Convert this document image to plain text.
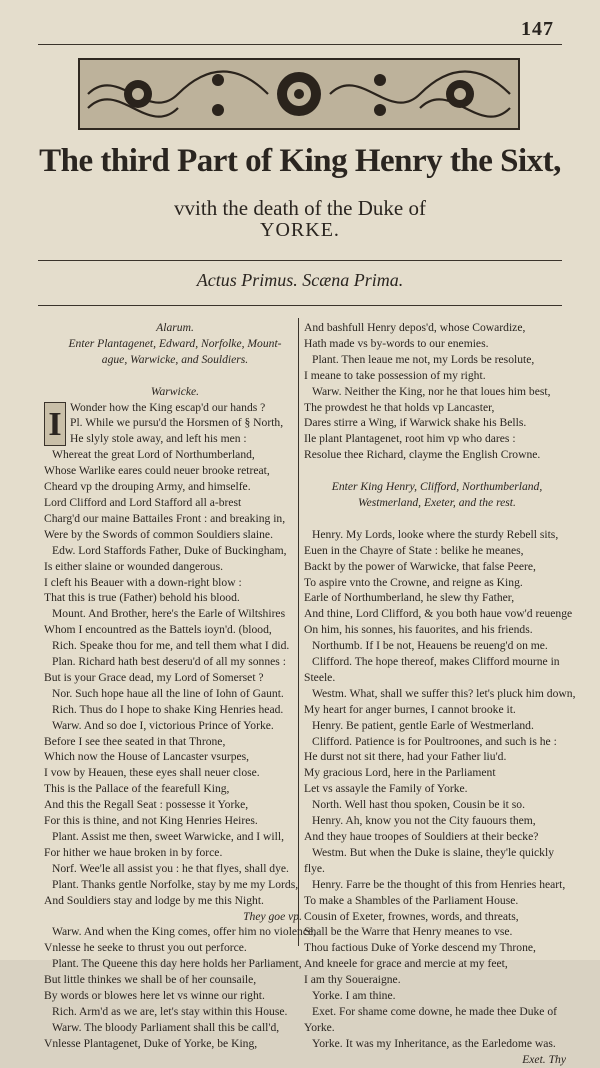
147
The third Part of King Henry the Sixt,
vvith the death of the Duke of
YORKE.
Actus Primus. Scæna Prima.
Alarum.
Enter Plantagenet, Edward, Norfolke, Mount-
ague, Warwicke, and Souldiers.

Warwicke.
I Wonder how the King escap'd our hands ?
Pl. While we pursu'd the Horsmen of § North,
He slyly stole away, and left his men :
Whereat the great Lord of Northumberland,
Whose Warlike eares could neuer brooke retreat,
Cheard vp the drouping Army, and himselfe.
Lord Clifford and Lord Stafford all a-brest
Charg'd our maine Battailes Front : and breaking in,
Were by the Swords of common Souldiers slaine.
Edw. Lord Staffords Father, Duke of Buckingham,
Is either slaine or wounded dangerous.
I cleft his Beauer with a down-right blow :
That this is true (Father) behold his blood.
Mount. And Brother, here's the Earle of Wiltshires
Whom I encountred as the Battels ioyn'd. (blood,
Rich. Speake thou for me, and tell them what I did.
Plan. Richard hath best deseru'd of all my sonnes :
But is your Grace dead, my Lord of Somerset ?
Nor. Such hope haue all the line of Iohn of Gaunt.
Rich. Thus do I hope to shake King Henries head.
Warw. And so doe I, victorious Prince of Yorke.
Before I see thee seated in that Throne,
Which now the House of Lancaster vsurpes,
I vow by Heauen, these eyes shall neuer close.
This is the Pallace of the fearefull King,
And this the Regall Seat : possesse it Yorke,
For this is thine, and not King Henries Heires.
Plant. Assist me then, sweet Warwicke, and I will,
For hither we haue broken in by force.
Norf. Wee'le all assist you : he that flyes, shall dye.
Plant. Thanks gentle Norfolke, stay by me my Lords,
And Souldiers stay and lodge by me this Night.
They goe vp.
Warw. And when the King comes, offer him no violence,
Vnlesse he seeke to thrust you out perforce.
Plant. The Queene this day here holds her Parliament,
But little thinkes we shall be of her counsaile,
By words or blowes here let vs winne our right.
Rich. Arm'd as we are, let's stay within this House.
Warw. The bloody Parliament shall this be call'd,
Vnlesse Plantagenet, Duke of Yorke, be King,
And bashfull Henry depos'd, whose Cowardize,
Hath made vs by-words to our enemies.
Plant. Then leaue me not, my Lords be resolute,
I meane to take possession of my right.
Warw. Neither the King, nor he that loues him best,
The prowdest he that holds vp Lancaster,
Dares stirre a Wing, if Warwick shake his Bells.
Ile plant Plantagenet, root him vp who dares :
Resolue thee Richard, clayme the English Crowne.

Enter King Henry, Clifford, Northumberland,
Westmerland, Exeter, and the rest.

Henry. My Lords, looke where the sturdy Rebell sits,
Euen in the Chayre of State : belike he meanes,
Backt by the power of Warwicke, that false Peere,
To aspire vnto the Crowne, and reigne as King.
Earle of Northumberland, he slew thy Father,
And thine, Lord Clifford, & you both haue vow'd reuenge
On him, his sonnes, his fauorites, and his friends.
Northumb. If I be not, Heauens be reueng'd on me.
Clifford. The hope thereof, makes Clifford mourne in
Steele.
Westm. What, shall we suffer this? let's pluck him down,
My heart for anger burnes, I cannot brooke it.
Henry. Be patient, gentle Earle of Westmerland.
Clifford. Patience is for Poultroones, and such is he :
He durst not sit there, had your Father liu'd.
My gracious Lord, here in the Parliament
Let vs assayle the Family of Yorke.
North. Well hast thou spoken, Cousin be it so.
Henry. Ah, know you not the City fauours them,
And they haue troopes of Souldiers at their becke?
Westm. But when the Duke is slaine, they'le quickly
flye.
Henry. Farre be the thought of this from Henries heart,
To make a Shambles of the Parliament House.
Cousin of Exeter, frownes, words, and threats,
Shall be the Warre that Henry meanes to vse.
Thou factious Duke of Yorke descend my Throne,
And kneele for grace and mercie at my feet,
I am thy Soueraigne.
Yorke. I am thine.
Exet. For shame come downe, he made thee Duke of
Yorke.
Yorke. It was my Inheritance, as the Earledome was.
Exet. Thy
